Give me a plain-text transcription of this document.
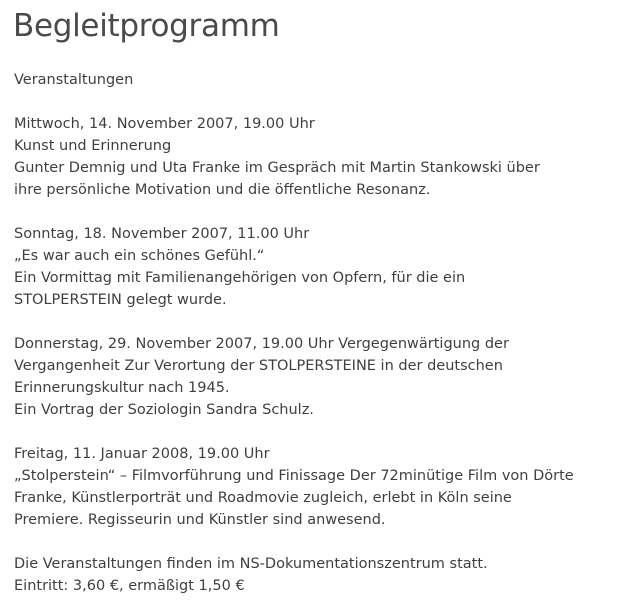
Begleitprogramm
Veranstaltungen
Mittwoch, 14. November 2007, 19.00 Uhr
Kunst und Erinnerung
Gunter Demnig und Uta Franke im Gespräch mit Martin Stankowski über
ihre persönliche Motivation und die öffentliche Resonanz.
Sonntag, 18. November 2007, 11.00 Uhr
„Es war auch ein schönes Gefühl.“
Ein Vormittag mit Familienangehörigen von Opfern, für die ein
STOLPERSTEIN gelegt wurde.
Donnerstag, 29. November 2007, 19.00 Uhr Vergegenwärtigung der
Vergangenheit Zur Verortung der STOLPERSTEINE in der deutschen
Erinnerungskultur nach 1945.
Ein Vortrag der Soziologin Sandra Schulz.
Freitag, 11. Januar 2008, 19.00 Uhr
„Stolperstein“ – Filmvorführung und Finissage Der 72minütige Film von Dörte
Franke, Künstlerporträt und Roadmovie zugleich, erlebt in Köln seine
Premiere. Regisseurin und Künstler sind anwesend.
Die Veranstaltungen finden im NS-Dokumentationszentrum statt.
Eintritt: 3,60 €, ermäßigt 1,50 €
